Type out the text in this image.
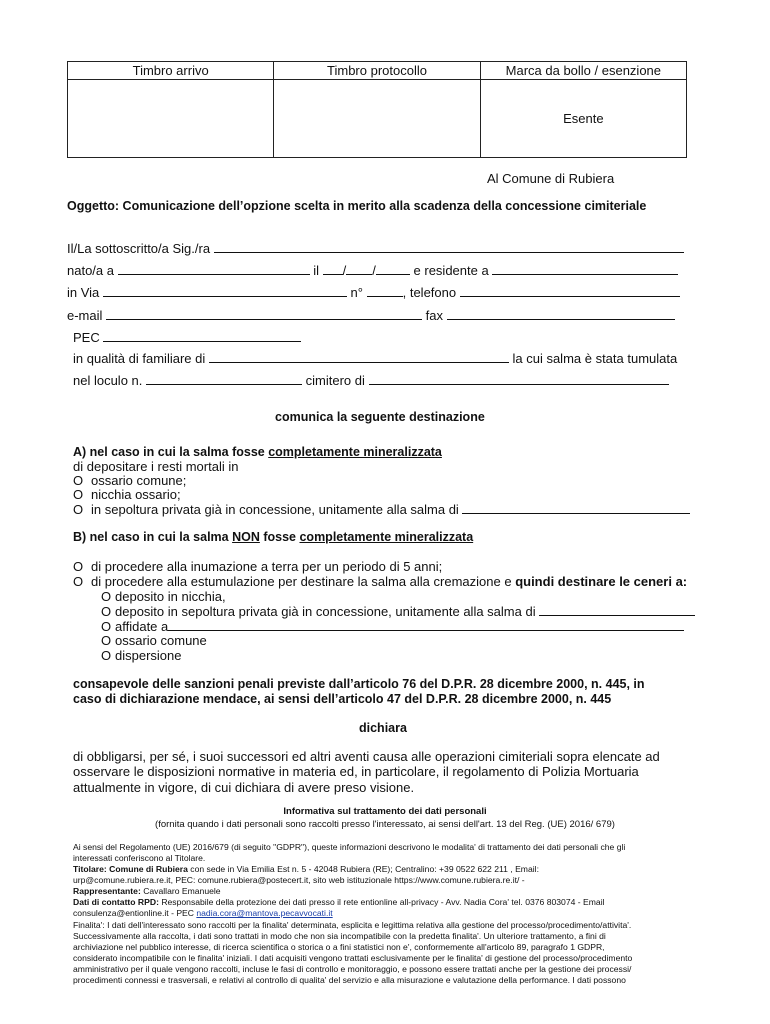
Timbro arrivo	Timbro protocollo	Marca da bollo / esenzione
		Esente
Al Comune di Rubiera
Oggetto: Comunicazione dell’opzione scelta in merito alla scadenza della concessione cimiteriale
Il/La sottoscritto/a Sig./ra
nato/a a	il / /	e residente a
in Via	n°	, telefono
e-mail	fax
PEC
in qualità di familiare di	la cui salma è stata tumulata
nel loculo n.	cimitero di
comunica la seguente destinazione
A) nel caso in cui la salma fosse completamente mineralizzata
di depositare i resti mortali in
O ossario comune;
O nicchia ossario;
O in sepoltura privata già in concessione, unitamente alla salma di
B) nel caso in cui la salma NON fosse completamente mineralizzata
O di procedere alla inumazione a terra per un periodo di 5 anni;
O di procedere alla estumulazione per destinare la salma alla cremazione e quindi destinare le ceneri a:
O deposito in nicchia,
O deposito in sepoltura privata già in concessione, unitamente alla salma di
O affidate a
O ossario comune
O dispersione
consapevole delle sanzioni penali previste dall’articolo 76 del D.P.R. 28 dicembre 2000, n. 445, in
caso di dichiarazione mendace, ai sensi dell’articolo 47 del D.P.R. 28 dicembre 2000, n. 445
dichiara
di obbligarsi, per sé, i suoi successori ed altri aventi causa alle operazioni cimiteriali sopra elencate ad
osservare le disposizioni normative in materia ed, in particolare, il regolamento di Polizia Mortuaria
attualmente in vigore, di cui dichiara di avere preso visione.
Informativa sul trattamento dei dati personali
(fornita quando i dati personali sono raccolti presso l'interessato, ai sensi dell'art. 13 del Reg. (UE) 2016/ 679)
Ai sensi del Regolamento (UE) 2016/679 (di seguito "GDPR"), queste informazioni descrivono le modalita' di trattamento dei dati personali che gli
interessati conferiscono al Titolare.
Titolare: Comune di Rubiera con sede in Via Emilia Est n. 5 - 42048 Rubiera (RE); Centralino: +39 0522 622 211 , Email:
urp@comune.rubiera.re.it, PEC: comune.rubiera@postecert.it, sito web istituzionale https://www.comune.rubiera.re.it/ -
Rappresentante: Cavallaro Emanuele
Dati di contatto RPD: Responsabile della protezione dei dati presso il rete entionline all-privacy - Avv. Nadia Cora' tel. 0376 803074 - Email
consulenza@entionline.it - PEC nadia.cora@mantova.pecavvocati.it
Finalita': I dati dell'interessato sono raccolti per la finalita' determinata, esplicita e legittima relativa alla gestione del processo/procedimento/attivita'.
Successivamente alla raccolta, i dati sono trattati in modo che non sia incompatibile con la predetta finalita'. Un ulteriore trattamento, a fini di
archiviazione nel pubblico interesse, di ricerca scientifica o storica o a fini statistici non e', conformemente all'articolo 89, paragrafo 1 GDPR,
considerato incompatibile con le finalita' iniziali. I dati acquisiti vengono trattati esclusivamente per le finalita' di gestione del processo/procedimento
amministrativo per il quale vengono raccolti, incluse le fasi di controllo e monitoraggio, e possono essere trattati anche per la gestione dei processi/
procedimenti connessi e trasversali, e relativi al controllo di qualita' del servizio e alla misurazione e valutazione della performance. I dati possono
